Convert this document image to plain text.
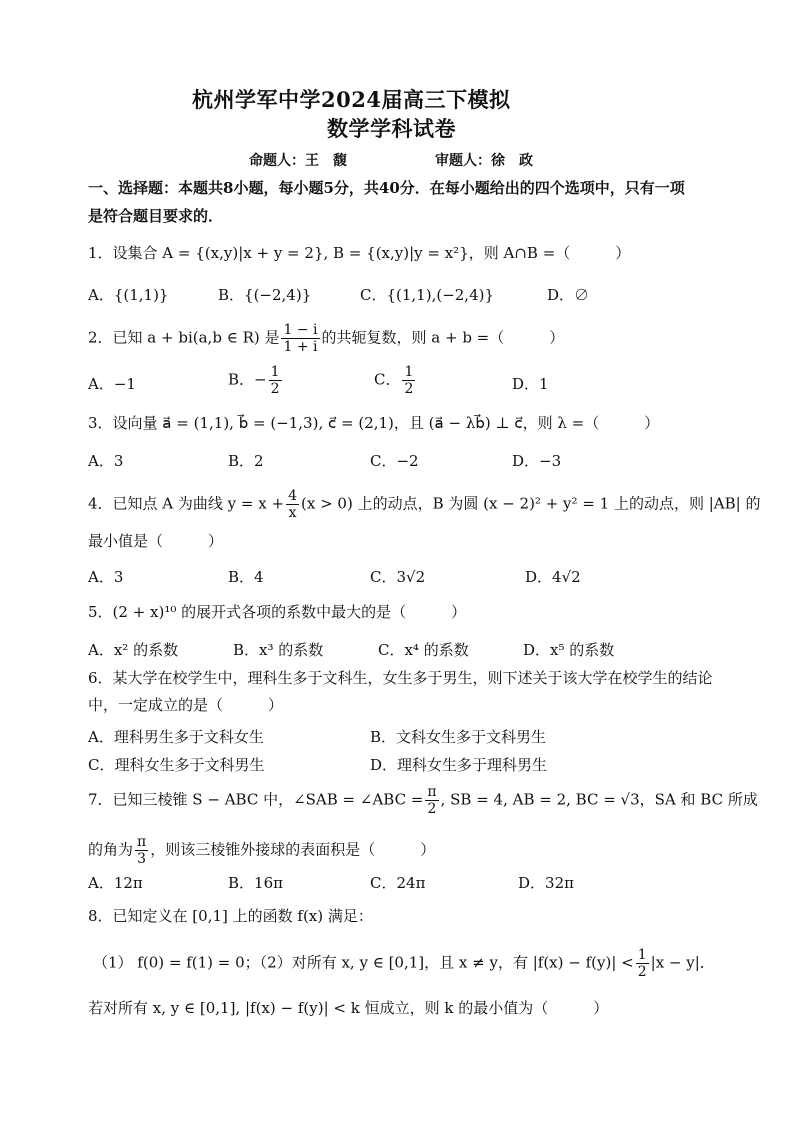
杭州学军中学2024届高三下模拟
数学学科试卷
命题人：王　馥	审题人：徐　政
一、选择题：本题共8小题，每小题5分，共40分．在每小题给出的四个选项中，只有一项
是符合题目要求的．
1．设集合 A = {(x,y)|x + y = 2}, B = {(x,y)|y = x²}，则 A∩B =（　　　）
A．{(1,1)}	B．{(−2,4)}	C．{(1,1),(−2,4)}	D．∅
2．已知 a + bi(a,b ∈ R) 是 $\frac{1 - i}{1 + i}$ 的共轭复数，则 a + b =（　　　）
A．−1	B．− $\frac{1}{2}$	C． $\frac{1}{2}$	D．1
3．设向量 a⃗ = (1,1), b⃗ = (−1,3), c⃗ = (2,1)，且 (a⃗ − λb⃗) ⊥ c⃗，则 λ =（　　　）
A．3	B．2	C．−2	D．−3
4．已知点 A 为曲线 $y = x + \frac{4}{x} (x > 0)$ 上的动点，B 为圆 (x − 2)² + y² = 1 上的动点，则 |AB| 的
最小值是（　　　）
A．3	B．4	C．3√2	D．4√2
5．(2 + x)¹⁰ 的展开式各项的系数中最大的是（　　　）
A．x² 的系数	B．x³ 的系数	C．x⁴ 的系数	D．x⁵ 的系数
6．某大学在校学生中，理科生多于文科生，女生多于男生，则下述关于该大学在校学生的结论
中，一定成立的是（　　　）
A．理科男生多于文科女生	B．文科女生多于文科男生
C．理科女生多于文科男生	D．理科女生多于理科男生
7．已知三棱锥 S − ABC 中，∠SAB = ∠ABC = $\frac{\pi}{2}$ , SB = 4, AB = 2, BC = √3，SA 和 BC 所成
的角为 $\frac{\pi}{3}$ ，则该三棱锥外接球的表面积是（　　　）
A．12π	B．16π	C．24π	D．32π
8．已知定义在 [0,1] 上的函数 f(x) 满足：
（1） f(0) = f(1) = 0；（2）对所有 x, y ∈ [0,1]，且 x ≠ y，有 $|f(x) - f(y)| < \frac{1}{2} |x - y|$．
若对所有 x, y ∈ [0,1], |f(x) − f(y)| < k 恒成立，则 k 的最小值为（　　　）
